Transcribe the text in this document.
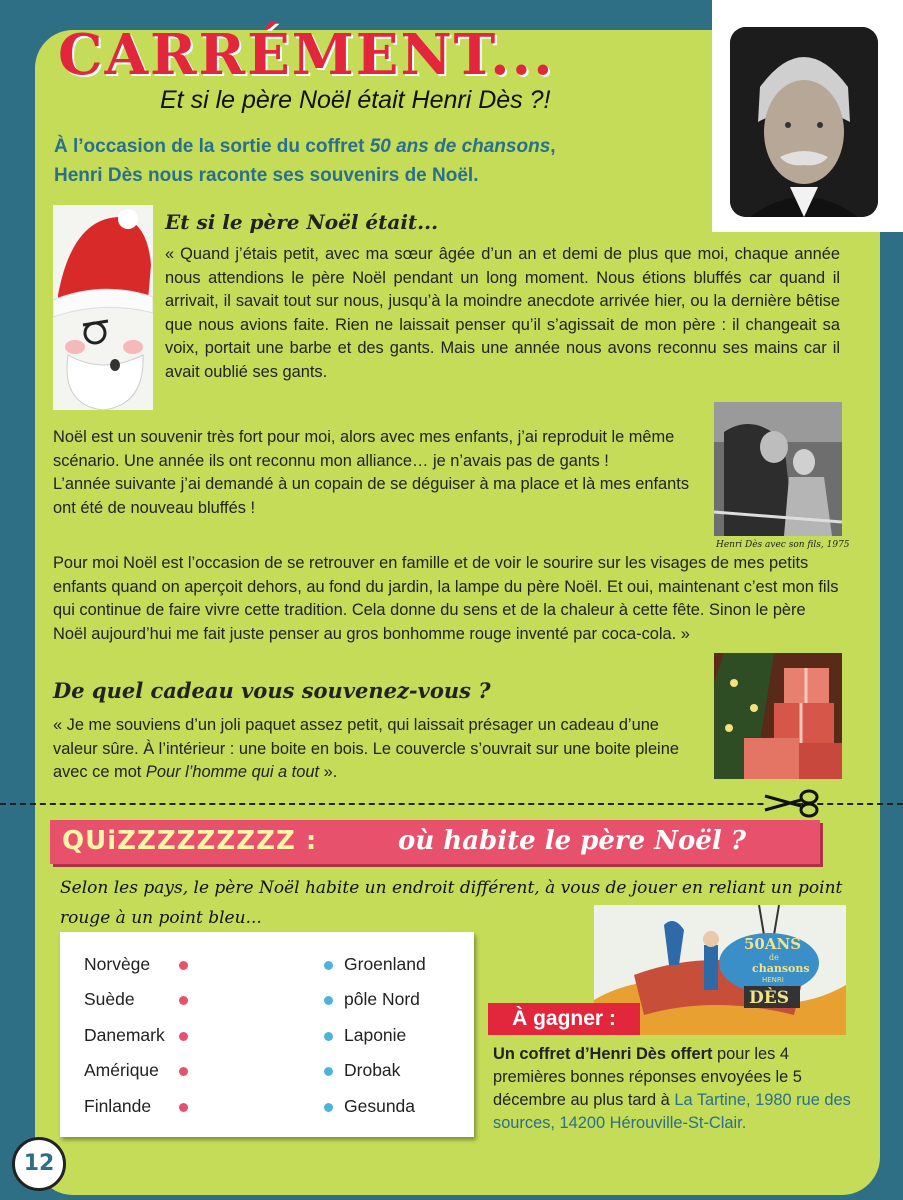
CARRÉMENT...
Et si le père Noël était Henri Dès ?!
À l’occasion de la sortie du coffret 50 ans de chansons,
Henri Dès nous raconte ses souvenirs de Noël.
Et si le père Noël était...

« Quand j’étais petit, avec ma sœur âgée d’un an et demi de plus que moi, chaque année nous attendions le père Noël pendant un long moment. Nous étions bluffés car quand il arrivait, il savait tout sur nous, jusqu’à la moindre anecdote arrivée hier, ou la dernière bêtise que nous avions faite. Rien ne laissait penser qu’il s’agissait de mon père : il changeait sa voix, portait une barbe et des gants. Mais une année nous avons reconnu ses mains car il avait oublié ses gants.

Noël est un souvenir très fort pour moi, alors avec mes enfants, j’ai reproduit le même scénario. Une année ils ont reconnu mon alliance… je n’avais pas de gants !
L’année suivante j’ai demandé à un copain de se déguiser à ma place et là mes enfants ont été de nouveau bluffés !
Henri Dès avec son fils, 1975

Pour moi Noël est l’occasion de se retrouver en famille et de voir le sourire sur les visages de mes petits enfants quand on aperçoit dehors, au fond du jardin, la lampe du père Noël. Et oui, maintenant c’est mon fils qui continue de faire vivre cette tradition. Cela donne du sens et de la chaleur à cette fête. Sinon le père Noël aujourd’hui me fait juste penser au gros bonhomme rouge inventé par coca-cola. »

De quel cadeau vous souvenez-vous ?
« Je me souviens d’un joli paquet assez petit, qui laissait présager un cadeau d’une valeur sûre. À l’intérieur : une boite en bois. Le couvercle s’ouvrait sur une boite pleine avec ce mot Pour l’homme qui a tout ».
QUiZZZZZZZZZ :	où habite le père Noël ?
Selon les pays, le père Noël habite un endroit différent, à vous de jouer en reliant un point rouge à un point bleu...
Norvège
Suède
Danemark
Amérique
Finlande
Groenland
pôle Nord
Laponie
Drobak
Gesunda
50ANS
de
chansons
HENRI
DÈS
À gagner :
Un coffret d’Henri Dès offert pour les 4 premières bonnes réponses envoyées le 5 décembre au plus tard à La Tartine, 1980 rue des sources, 14200 Hérouville-St-Clair.
12
